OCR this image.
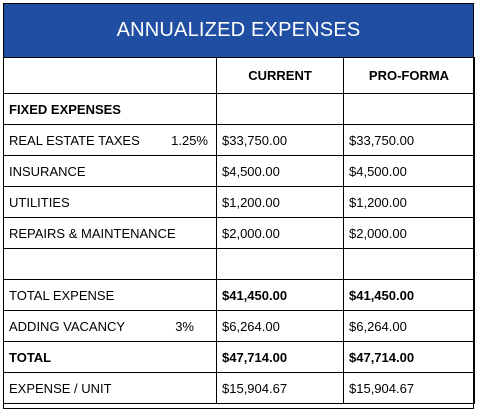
ANNUALIZED EXPENSES
	CURRENT	PRO-FORMA
FIXED EXPENSES		

REAL ESTATE TAXES 1.25%	$33,750.00	$33,750.00
INSURANCE	$4,500.00	$4,500.00
UTILITIES	$1,200.00	$1,200.00
REPAIRS & MAINTENANCE	$2,000.00	$2,000.00

TOTAL EXPENSE	$41,450.00	$41,450.00

ADDING VACANCY 3%	$6,264.00	$6,264.00
TOTAL	$47,714.00	$47,714.00
EXPENSE / UNIT	$15,904.67	$15,904.67
